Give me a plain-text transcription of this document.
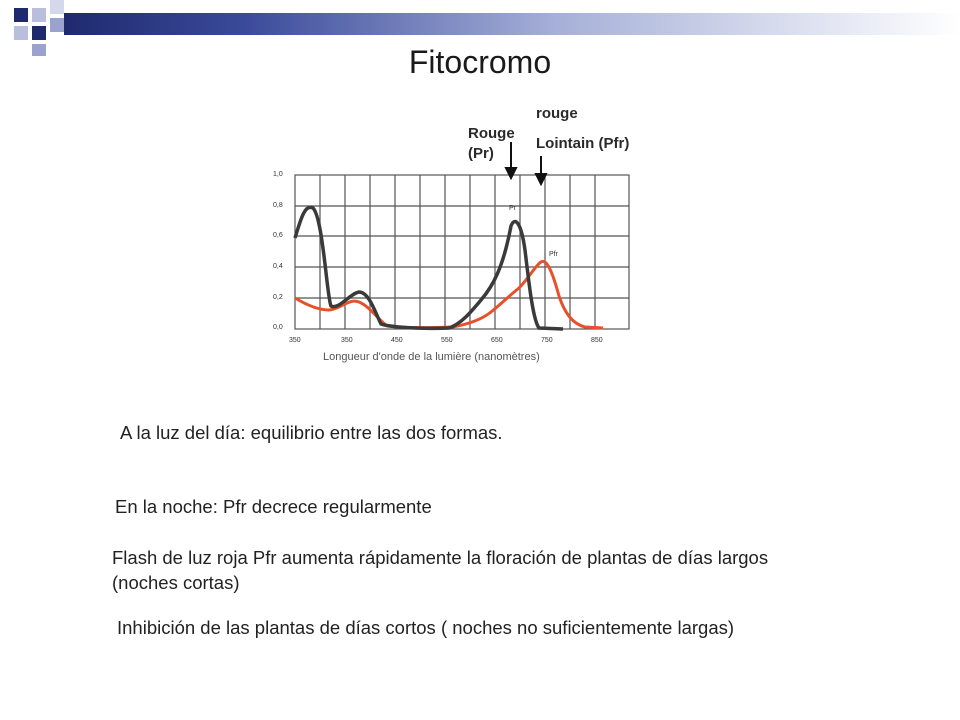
Fitocromo
1,0
0,8
0,6
0,4
0,2
0,0
350	350	450	550	650	750	850
Longueur d'onde de la lumière (nanomètres)
Rouge
(Pr)
rouge
Lointain (Pfr)
Pr
Pfr
A la luz del día: equilibrio entre las dos formas.
En la noche: Pfr decrece regularmente
Flash de luz roja Pfr aumenta rápidamente la floración de plantas de días largos (noches cortas)
Inhibición de las plantas de días cortos ( noches no suficientemente largas)
